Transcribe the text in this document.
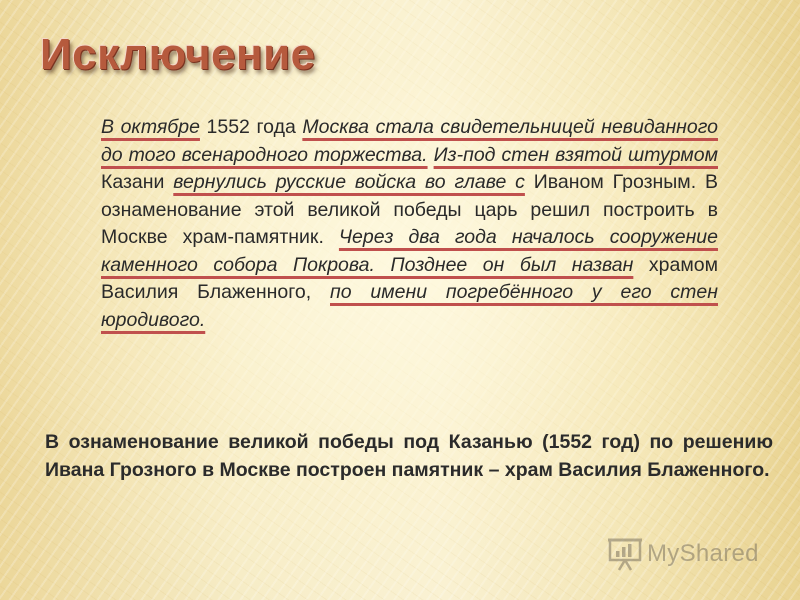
Исключение

В октябре 1552 года Москва стала свидетельницей невиданного до того всенародного торжества. Из-под стен взятой штурмом Казани вернулись русские войска во главе с Иваном Грозным. В ознаменование этой великой победы царь решил построить в Москве храм-памятник. Через два года началось сооружение каменного собора Покрова. Позднее он был назван храмом Василия Блаженного, по имени погребённого у его стен юродивого.

В ознаменование великой победы под Казанью (1552 год) по решению Ивана Грозного в Москве построен памятник – храм Василия Блаженного.

MyShared
